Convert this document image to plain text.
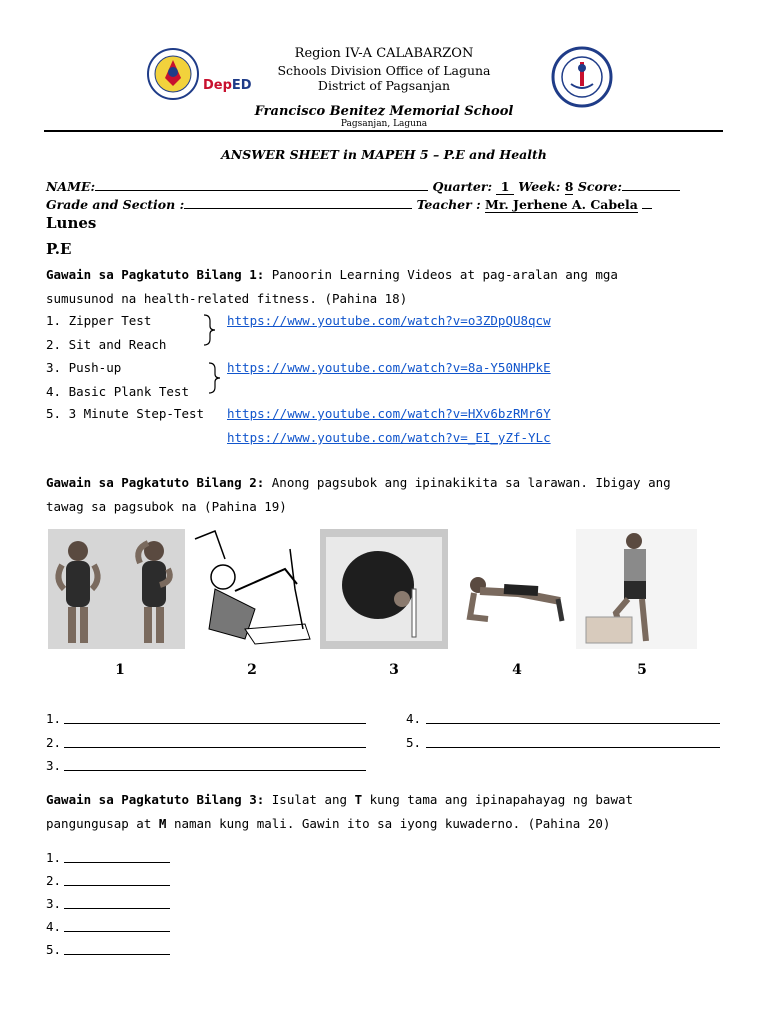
DepED
Region IV-A CALABARZON
Schools Division Office of Laguna
District of Pagsanjan
Francisco Benitez Memorial School
Pagsanjan, Laguna
ANSWER SHEET in MAPEH 5 – P.E and Health
NAME:	Quarter: 1 Week: 8 Score:
Grade and Section :	Teacher : Mr. Jerhene A. Cabela
Lunes
P.E
Gawain sa Pagkatuto Bilang 1: Panoorin Learning Videos at pag-aralan ang mga
sumusunod na health-related fitness. (Pahina 18)
1. Zipper Test
2. Sit and Reach
3. Push-up
4. Basic Plank Test
5. 3 Minute Step-Test
https://www.youtube.com/watch?v=o3ZDpQU8qcw
https://www.youtube.com/watch?v=8a-Y50NHPkE
https://www.youtube.com/watch?v=HXv6bzRMr6Y
https://www.youtube.com/watch?v=_EI_yZf-YLc
Gawain sa Pagkatuto Bilang 2: Anong pagsubok ang ipinakikita sa larawan. Ibigay ang
tawag sa pagsubok na (Pahina 19)
1	2	3	4	5
1.
2.
3.
4.
5.
Gawain sa Pagkatuto Bilang 3: Isulat ang T kung tama ang ipinapahayag ng bawat
pangungusap at M naman kung mali. Gawin ito sa iyong kuwaderno. (Pahina 20)
1.
2.
3.
4.
5.
